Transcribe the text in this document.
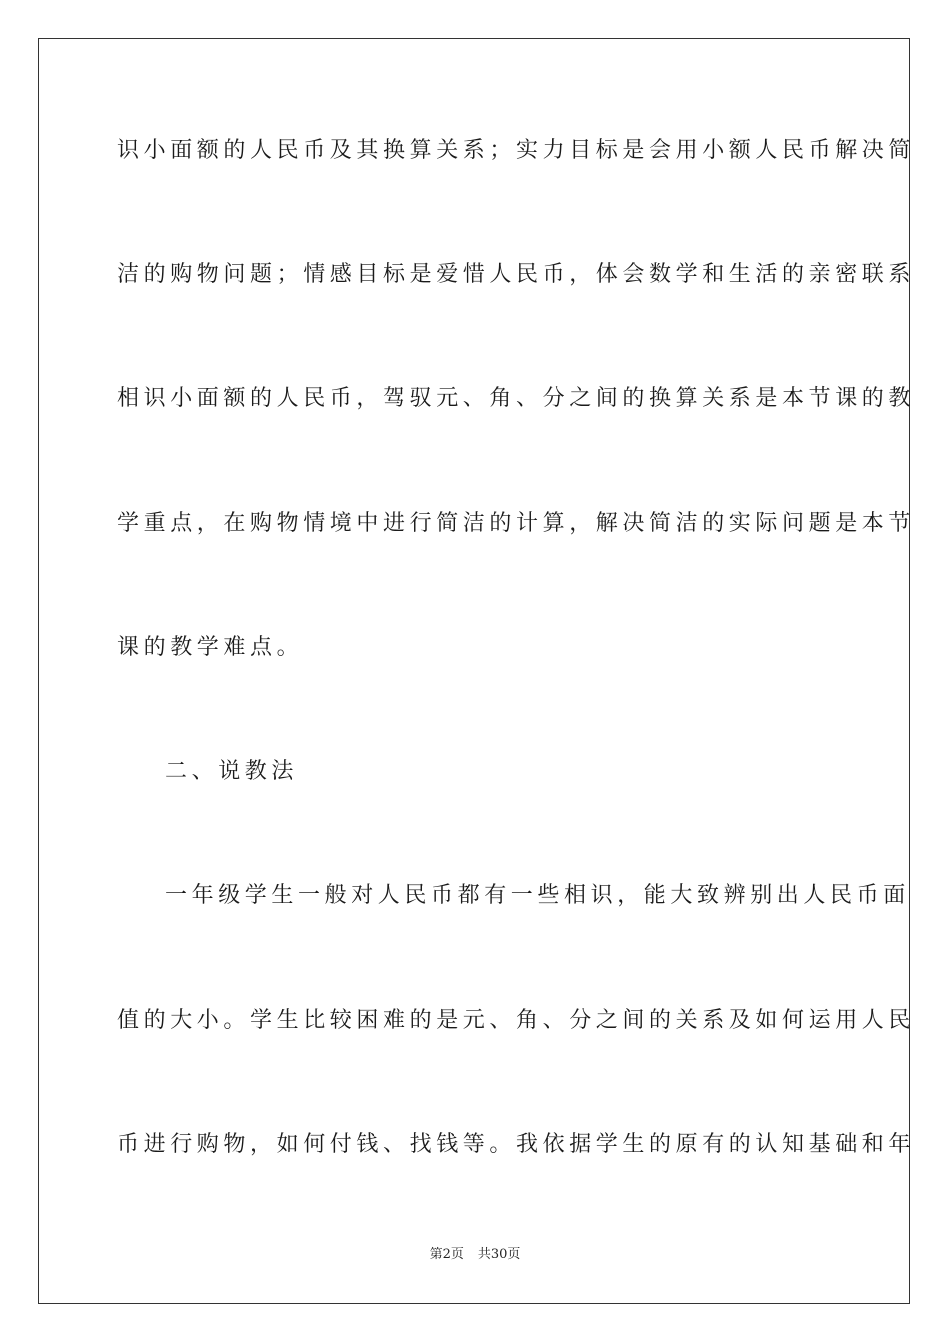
识小面额的人民币及其换算关系；实力目标是会用小额人民币解决简
洁的购物问题；情感目标是爱惜人民币，体会数学和生活的亲密联系
相识小面额的人民币，驾驭元、角、分之间的换算关系是本节课的教
学重点，在购物情境中进行简洁的计算，解决简洁的实际问题是本节
课的教学难点。
二、说教法
一年级学生一般对人民币都有一些相识，能大致辨别出人民币面
值的大小。学生比较困难的是元、角、分之间的关系及如何运用人民
币进行购物，如何付钱、找钱等。我依据学生的原有的认知基础和年
第2页 共30页
